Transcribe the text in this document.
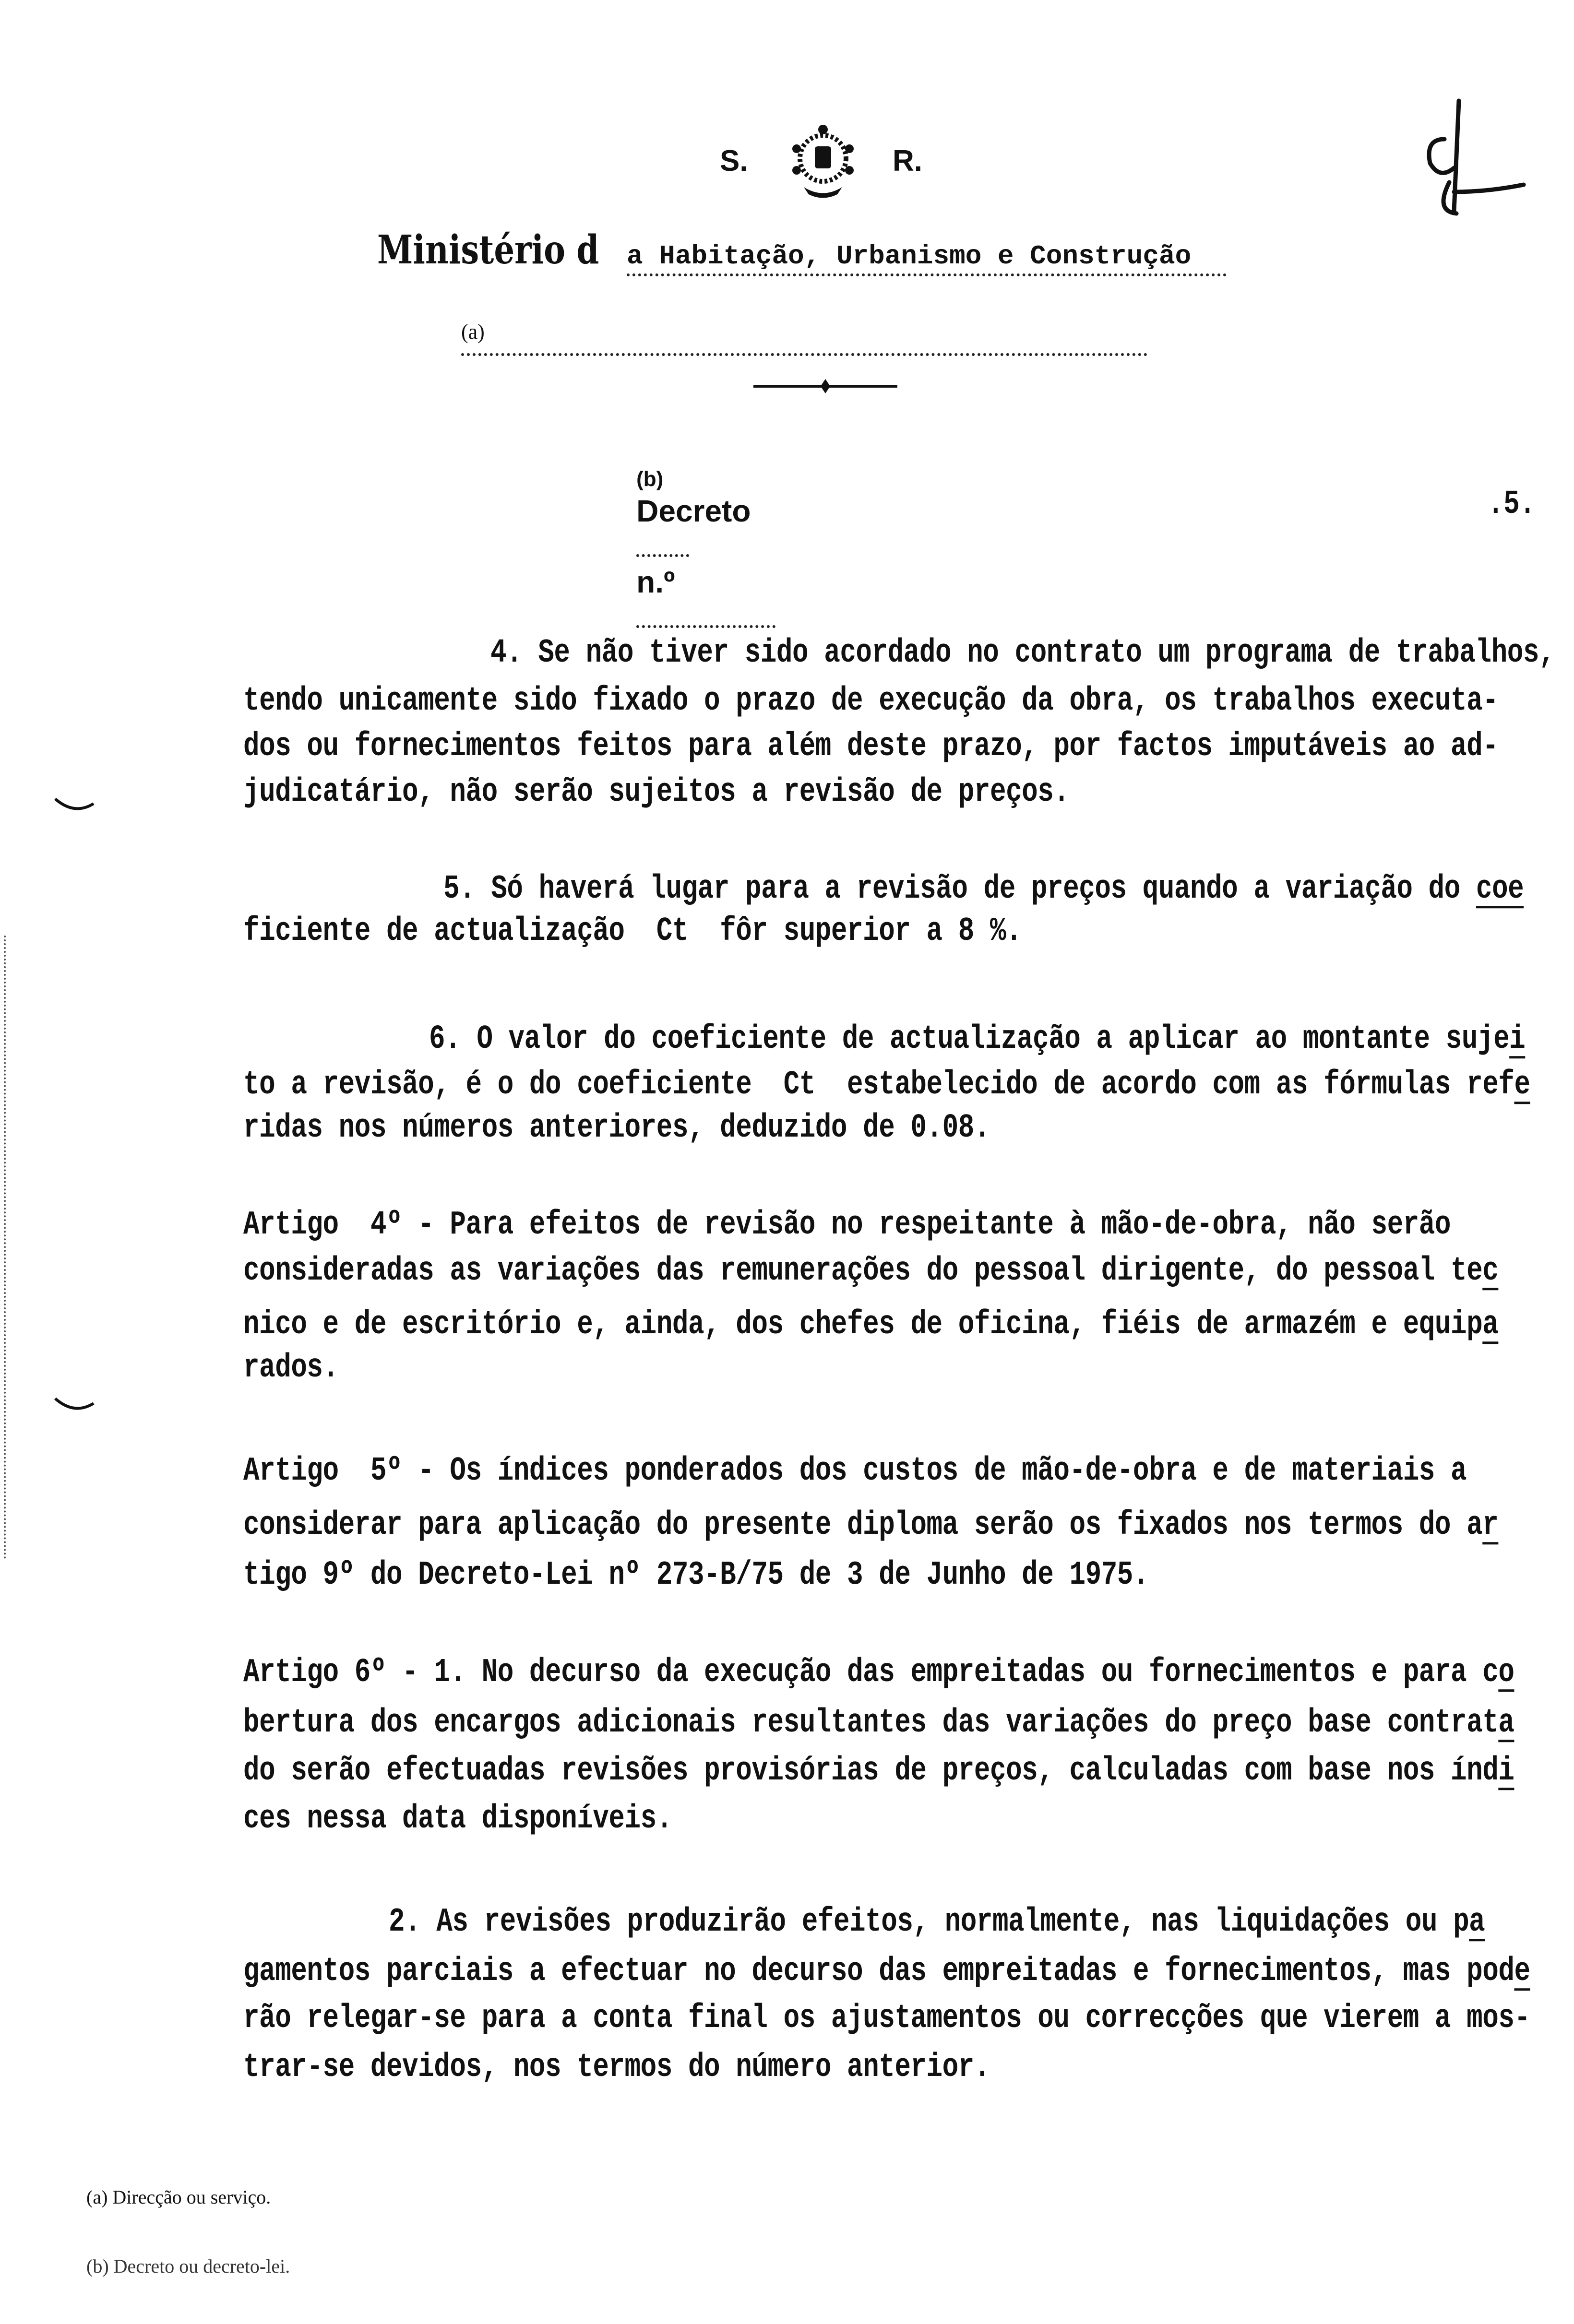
S.	R.

Ministério d a Habitação, Urbanismo e Construção

(a)

(b)
Decreto

n.º

.5.
4. Se não tiver sido acordado no contrato um programa de trabalhos,
tendo unicamente sido fixado o prazo de execução da obra, os trabalhos executa-
dos ou fornecimentos feitos para além deste prazo, por factos imputáveis ao ad-
judicatário, não serão sujeitos a revisão de preços.
5. Só haverá lugar para a revisão de preços quando a variação do coe
ficiente de actualização  Ct  fôr superior a 8 %.
6. O valor do coeficiente de actualização a aplicar ao montante sujei
to a revisão, é o do coeficiente  Ct  estabelecido de acordo com as fórmulas refe
ridas nos números anteriores, deduzido de 0.08.
Artigo  4º - Para efeitos de revisão no respeitante à mão-de-obra, não serão
consideradas as variações das remunerações do pessoal dirigente, do pessoal tec
nico e de escritório e, ainda, dos chefes de oficina, fiéis de armazém e equipa
rados.
Artigo  5º - Os índices ponderados dos custos de mão-de-obra e de materiais a
considerar para aplicação do presente diploma serão os fixados nos termos do ar
tigo 9º do Decreto-Lei nº 273-B/75 de 3 de Junho de 1975.
Artigo 6º - 1. No decurso da execução das empreitadas ou fornecimentos e para co
bertura dos encargos adicionais resultantes das variações do preço base contrata
do serão efectuadas revisões provisórias de preços, calculadas com base nos índi
ces nessa data disponíveis.
2. As revisões produzirão efeitos, normalmente, nas liquidações ou pa
gamentos parciais a efectuar no decurso das empreitadas e fornecimentos, mas pode
rão relegar-se para a conta final os ajustamentos ou correcções que vierem a mos-
trar-se devidos, nos termos do número anterior.

(a) Direcção ou serviço.

(b) Decreto ou decreto-lei.
